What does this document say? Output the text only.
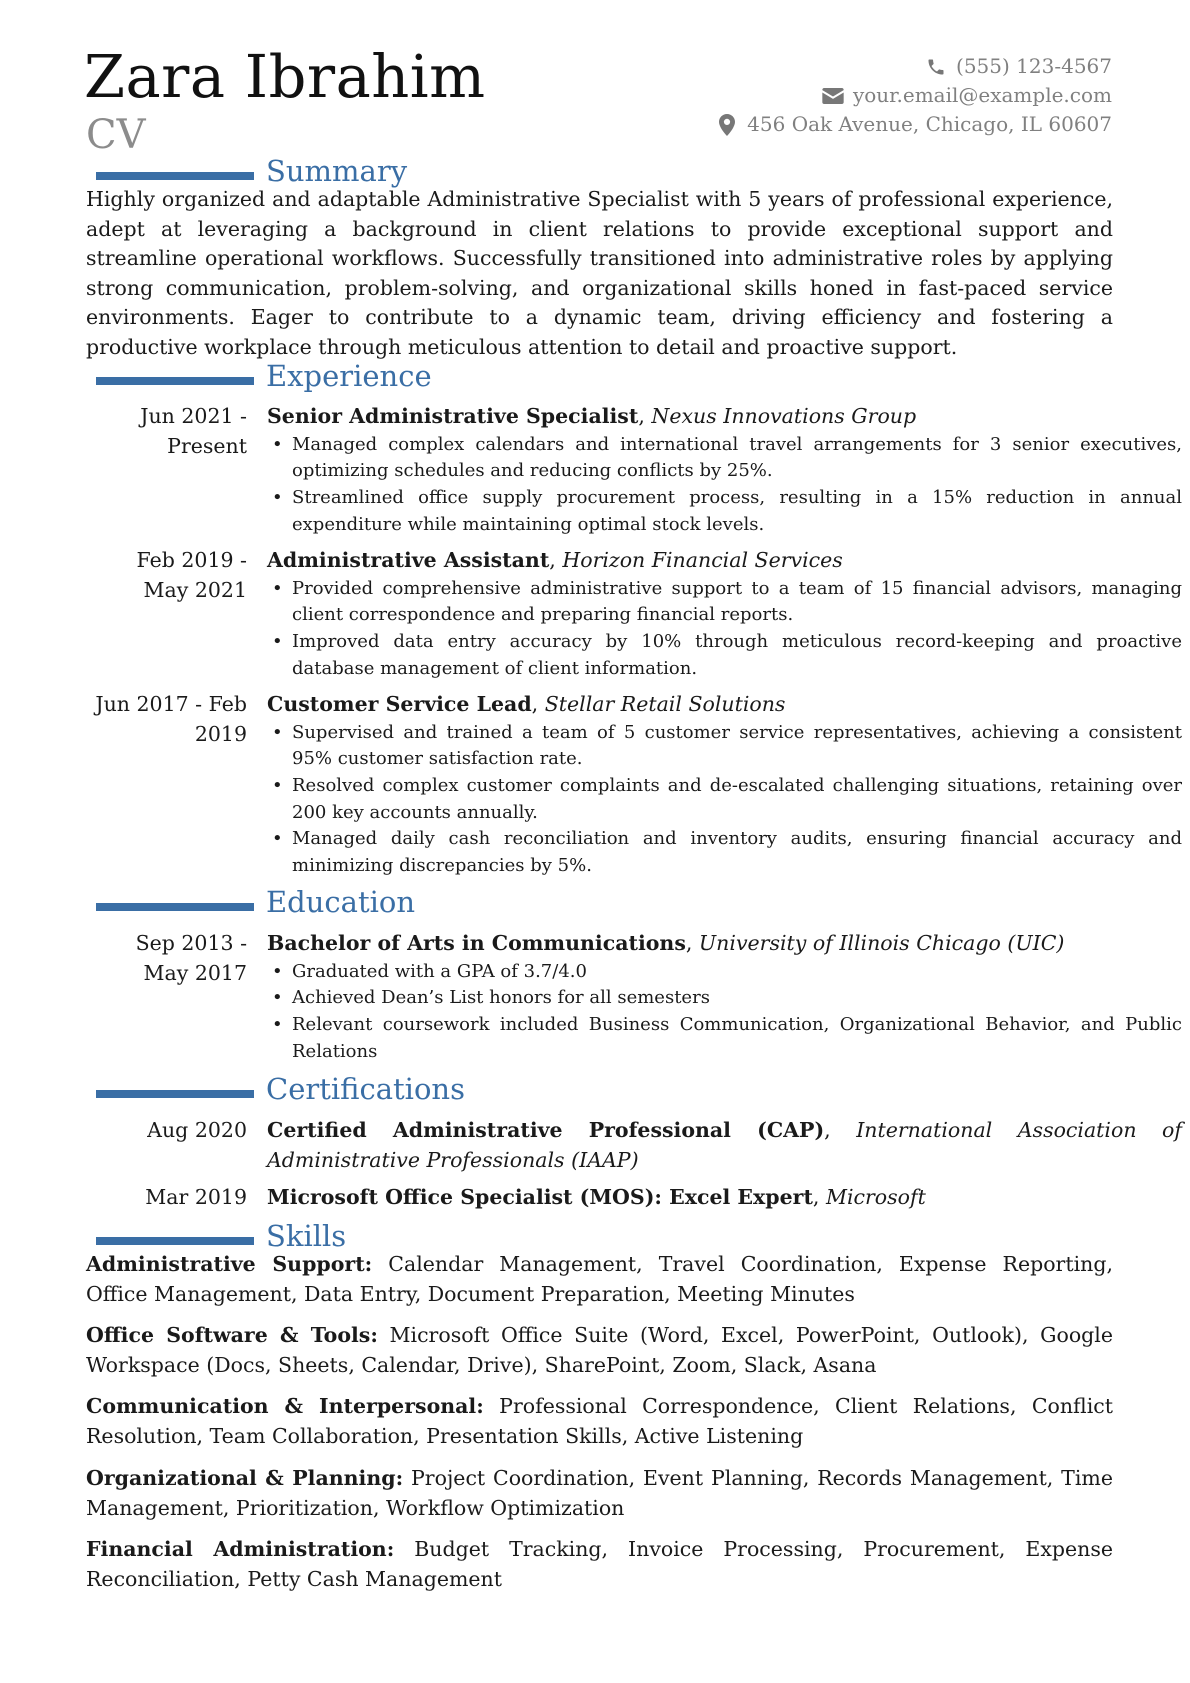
Zara Ibrahim
CV
(555) 123-4567
your.email@example.com
456 Oak Avenue, Chicago, IL 60607
Summary
Highly organized and adaptable Administrative Specialist with 5 years of professional experience, adept at leveraging a background in client relations to provide exceptional support and streamline operational workflows. Successfully transitioned into administrative roles by applying strong communication, problem-solving, and organizational skills honed in fast-paced service environments. Eager to contribute to a dynamic team, driving efficiency and fostering a productive workplace through meticulous attention to detail and proactive support.
Experience
Jun 2021 - Present
Senior Administrative Specialist, Nexus Innovations Group
• Managed complex calendars and international travel arrangements for 3 senior executives, optimizing schedules and reducing conflicts by 25%.
• Streamlined office supply procurement process, resulting in a 15% reduction in annual expenditure while maintaining optimal stock levels.
Feb 2019 - May 2021
Administrative Assistant, Horizon Financial Services
• Provided comprehensive administrative support to a team of 15 financial advisors, managing client correspondence and preparing financial reports.
• Improved data entry accuracy by 10% through meticulous record-keeping and proactive database management of client information.
Jun 2017 - Feb 2019
Customer Service Lead, Stellar Retail Solutions
• Supervised and trained a team of 5 customer service representatives, achieving a consistent 95% customer satisfaction rate.
• Resolved complex customer complaints and de-escalated challenging situations, retaining over 200 key accounts annually.
• Managed daily cash reconciliation and inventory audits, ensuring financial accuracy and minimizing discrepancies by 5%.
Education
Sep 2013 - May 2017
Bachelor of Arts in Communications, University of Illinois Chicago (UIC)
• Graduated with a GPA of 3.7/4.0
• Achieved Dean’s List honors for all semesters
• Relevant coursework included Business Communication, Organizational Behavior, and Public Relations
Certifications
Aug 2020 Certified Administrative Professional (CAP), International Association of Administrative Professionals (IAAP)
Mar 2019 Microsoft Office Specialist (MOS): Excel Expert, Microsoft
Skills
Administrative Support: Calendar Management, Travel Coordination, Expense Reporting, Office Management, Data Entry, Document Preparation, Meeting Minutes
Office Software & Tools: Microsoft Office Suite (Word, Excel, PowerPoint, Outlook), Google Workspace (Docs, Sheets, Calendar, Drive), SharePoint, Zoom, Slack, Asana
Communication & Interpersonal: Professional Correspondence, Client Relations, Conflict Resolution, Team Collaboration, Presentation Skills, Active Listening
Organizational & Planning: Project Coordination, Event Planning, Records Management, Time Management, Prioritization, Workflow Optimization
Financial Administration: Budget Tracking, Invoice Processing, Procurement, Expense Reconciliation, Petty Cash Management
